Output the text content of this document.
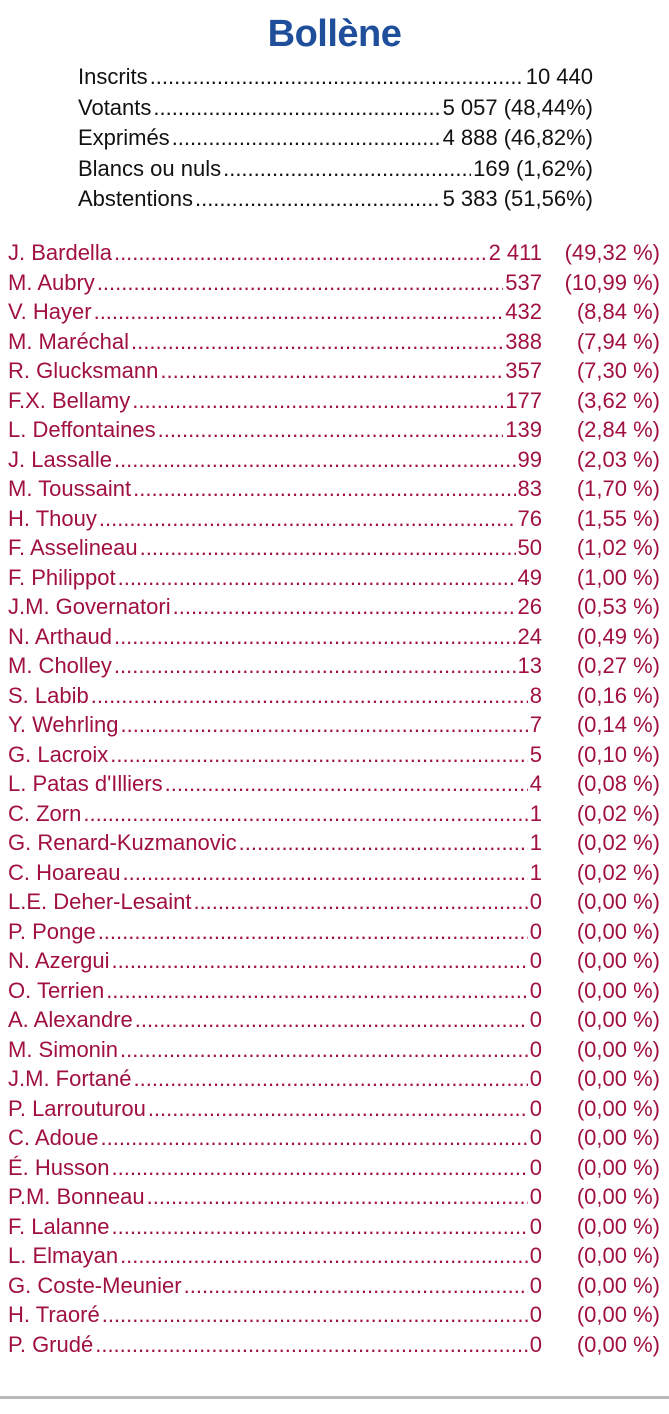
Bollène
Inscrits .....	10 440
Votants .....	5 057 (48,44%)
Exprimés .....	4 888 (46,82%)
Blancs ou nuls .....	169 (1,62%)
Abstentions .....	5 383 (51,56%)
J. Bardella .....	2 411	(49,32 %)
M. Aubry .....	537	(10,99 %)
V. Hayer .....	432	(8,84 %)
M. Maréchal .....	388	(7,94 %)
R. Glucksmann .....	357	(7,30 %)
F.X. Bellamy .....	177	(3,62 %)
L. Deffontaines .....	139	(2,84 %)
J. Lassalle .....	99	(2,03 %)
M. Toussaint .....	83	(1,70 %)
H. Thouy .....	76	(1,55 %)
F. Asselineau .....	50	(1,02 %)
F. Philippot .....	49	(1,00 %)
J.M. Governatori .....	26	(0,53 %)
N. Arthaud .....	24	(0,49 %)
M. Cholley .....	13	(0,27 %)
S. Labib .....	8	(0,16 %)
Y. Wehrling .....	7	(0,14 %)
G. Lacroix .....	5	(0,10 %)
L. Patas d'Illiers .....	4	(0,08 %)
C. Zorn .....	1	(0,02 %)
G. Renard-Kuzmanovic .....	1	(0,02 %)
C. Hoareau .....	1	(0,02 %)
L.E. Deher-Lesaint .....	0	(0,00 %)
P. Ponge .....	0	(0,00 %)
N. Azergui .....	0	(0,00 %)
O. Terrien .....	0	(0,00 %)
A. Alexandre .....	0	(0,00 %)
M. Simonin .....	0	(0,00 %)
J.M. Fortané .....	0	(0,00 %)
P. Larrouturou .....	0	(0,00 %)
C. Adoue .....	0	(0,00 %)
É. Husson .....	0	(0,00 %)
P.M. Bonneau .....	0	(0,00 %)
F. Lalanne .....	0	(0,00 %)
L. Elmayan .....	0	(0,00 %)
G. Coste-Meunier .....	0	(0,00 %)
H. Traoré .....	0	(0,00 %)
P. Grudé .....	0	(0,00 %)
